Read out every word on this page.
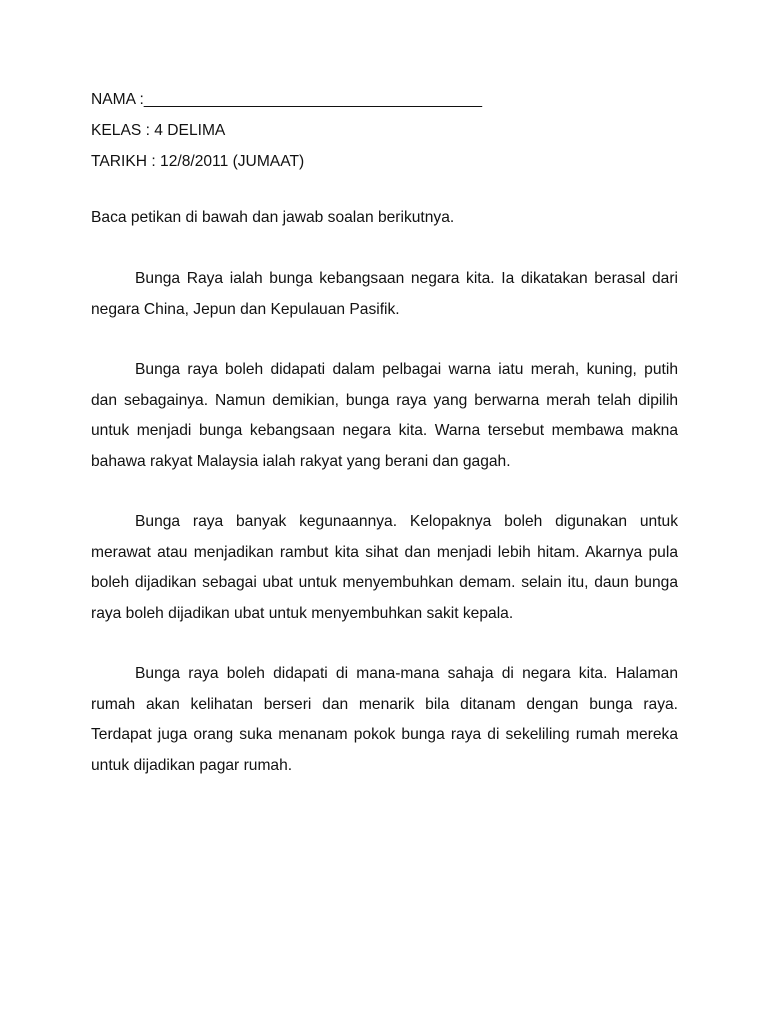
NAMA :_______________________________________

KELAS : 4 DELIMA

TARIKH : 12/8/2011 (JUMAAT)

Baca petikan di bawah dan jawab soalan berikutnya.

Bunga Raya ialah bunga kebangsaan negara kita. Ia dikatakan berasal dari negara China, Jepun dan Kepulauan Pasifik.

Bunga raya boleh didapati dalam pelbagai warna iatu merah, kuning, putih dan sebagainya. Namun demikian, bunga raya yang berwarna merah telah dipilih untuk menjadi bunga kebangsaan negara kita. Warna tersebut membawa makna bahawa rakyat Malaysia ialah rakyat yang berani dan gagah.

Bunga raya banyak kegunaannya. Kelopaknya boleh digunakan untuk merawat atau menjadikan rambut kita sihat dan menjadi lebih hitam. Akarnya pula boleh dijadikan sebagai ubat untuk menyembuhkan demam. selain itu, daun bunga raya boleh dijadikan ubat untuk menyembuhkan sakit kepala.

Bunga raya boleh didapati di mana-mana sahaja di negara kita. Halaman rumah akan kelihatan berseri dan menarik bila ditanam dengan bunga raya. Terdapat juga orang suka menanam pokok bunga raya di sekeliling rumah mereka untuk dijadikan pagar rumah.
